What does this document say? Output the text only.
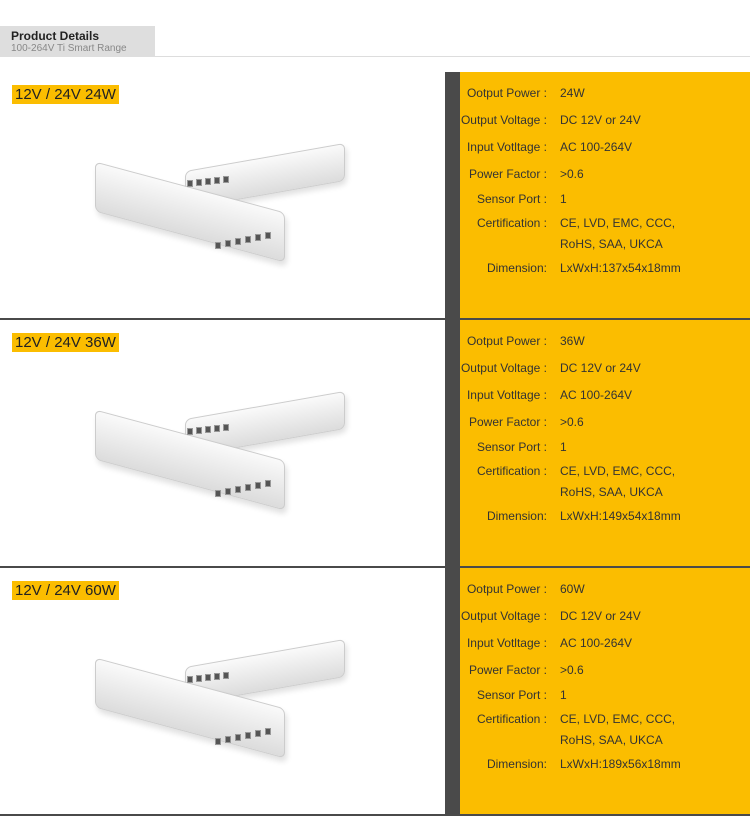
Product Details

100-264V Ti Smart Range

12V / 24V 24W	Ootput Power :	24W
Output Voltage :	DC 12V or 24V
Input Votltage :	AC 100-264V
Power Factor :	>0.6
Sensor Port :	1
Certification :	CE, LVD, EMC, CCC,
RoHS, SAA, UKCA
Dimension:	LxWxH:137x54x18mm
12V / 24V 36W	Ootput Power :	36W
Output Voltage :	DC 12V or 24V
Input Votltage :	AC 100-264V
Power Factor :	>0.6
Sensor Port :	1
Certification :	CE, LVD, EMC, CCC,
RoHS, SAA, UKCA
Dimension:	LxWxH:149x54x18mm
12V / 24V 60W	Ootput Power :	60W
Output Voltage :	DC 12V or 24V
Input Votltage :	AC 100-264V
Power Factor :	>0.6
Sensor Port :	1
Certification :	CE, LVD, EMC, CCC,
RoHS, SAA, UKCA
Dimension:	LxWxH:189x56x18mm
